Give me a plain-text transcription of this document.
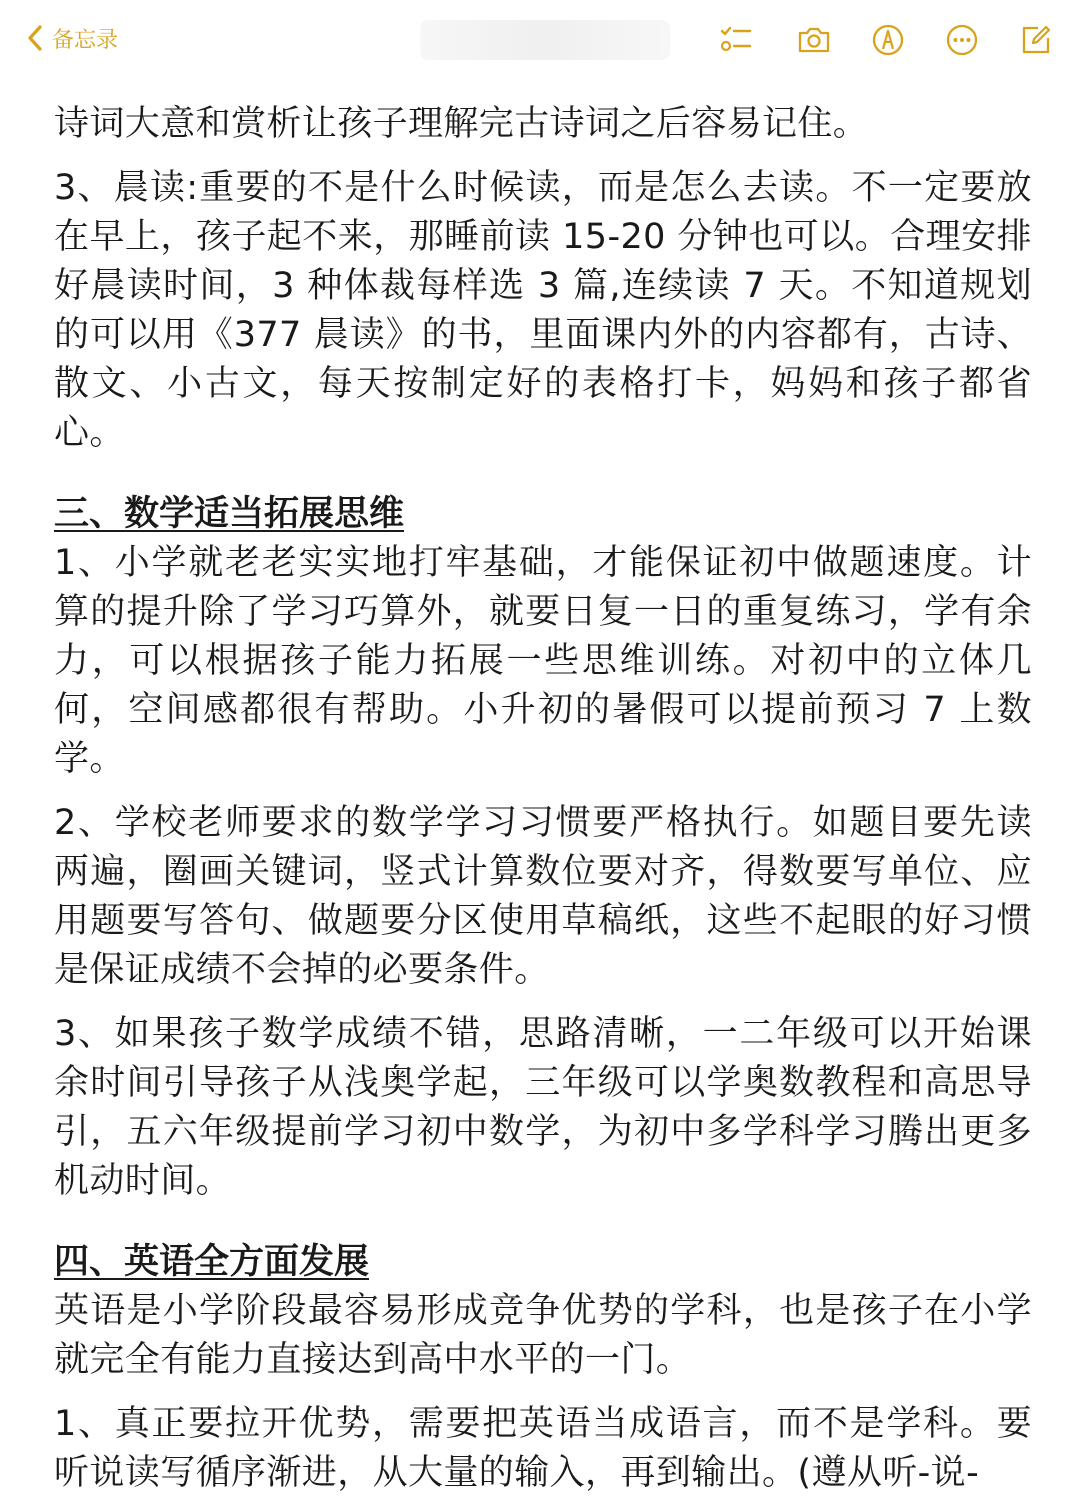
备忘录

诗词大意和赏析让孩子理解完古诗词之后容易记住。

3、晨读:重要的不是什么时候读，而是怎么去读。不一定要放在早上，孩子起不来，那睡前读 15-20 分钟也可以。合理安排好晨读时间，3 种体裁每样选 3 篇,连续读 7 天。不知道规划的可以用《377 晨读》的书，里面课内外的内容都有，古诗、散文、小古文，每天按制定好的表格打卡，妈妈和孩子都省心。

三、数学适当拓展思维

1、小学就老老实实地打牢基础，才能保证初中做题速度。计算的提升除了学习巧算外，就要日复一日的重复练习，学有余力，可以根据孩子能力拓展一些思维训练。对初中的立体几何，空间感都很有帮助。小升初的暑假可以提前预习 7 上数学。

2、学校老师要求的数学学习习惯要严格执行。如题目要先读两遍，圈画关键词，竖式计算数位要对齐，得数要写单位、应用题要写答句、做题要分区使用草稿纸，这些不起眼的好习惯是保证成绩不会掉的必要条件。

3、如果孩子数学成绩不错，思路清晰，一二年级可以开始课余时间引导孩子从浅奥学起，三年级可以学奥数教程和高思导引，五六年级提前学习初中数学，为初中多学科学习腾出更多机动时间。

四、英语全方面发展

英语是小学阶段最容易形成竞争优势的学科，也是孩子在小学就完全有能力直接达到高中水平的一门。

1、真正要拉开优势，需要把英语当成语言，而不是学科。要听说读写循序渐进，从大量的输入，再到输出。(遵从听-说-
